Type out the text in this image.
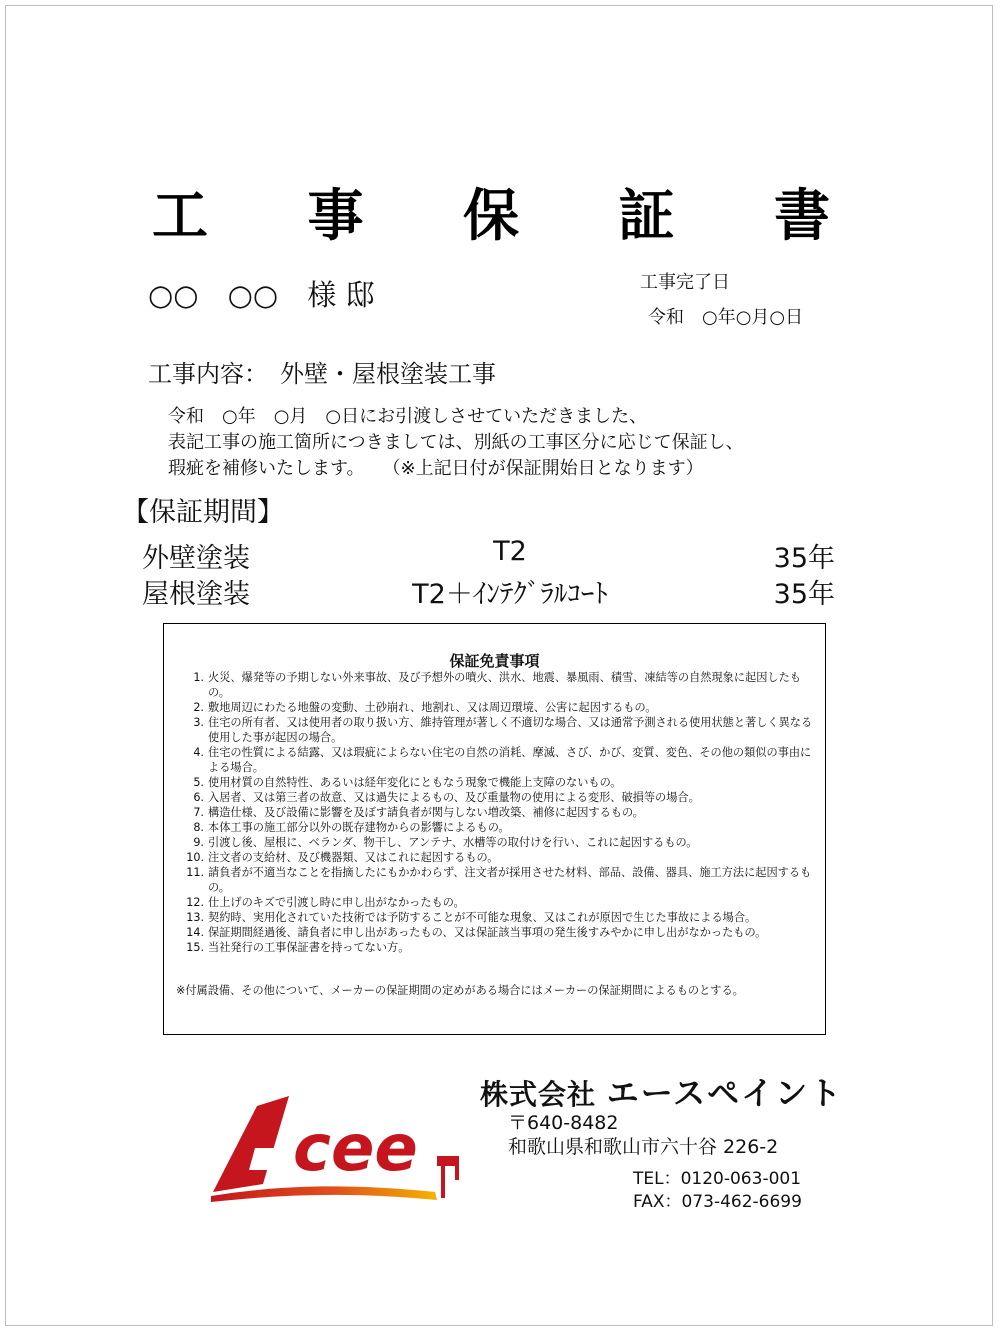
工 事 保 証 書
○○　○○　様 邸	工事完了日
令和　○年○月○日
工事内容：　外壁・屋根塗装工事
令和　○年　○月　○日にお引渡しさせていただきました、
表記工事の施工箇所につきましては、別紙の工事区分に応じて保証し、
瑕疵を補修いたします。　　（※上記日付が保証開始日となります）
【保証期間】
外壁塗装	T2	35年
屋根塗装	T2＋ｲﾝﾃｸﾞﾗﾙｺｰﾄ	35年
保証免責事項
1. 火災、爆発等の予期しない外来事故、及び予想外の噴火、洪水、地震、暴風雨、積雪、凍結等の自然現象に起因したもの。
2. 敷地周辺にわたる地盤の変動、土砂崩れ、地割れ、又は周辺環境、公害に起因するもの。
3. 住宅の所有者、又は使用者の取り扱い方、維持管理が著しく不適切な場合、又は通常予測される使用状態と著しく異なる使用した事が起因の場合。
4. 住宅の性質による結露、又は瑕疵によらない住宅の自然の消耗、摩滅、さび、かび、変質、変色、その他の類似の事由による場合。
5. 使用材質の自然特性、あるいは経年変化にともなう現象で機能上支障のないもの。
6. 入居者、又は第三者の故意、又は過失によるもの、及び重量物の使用による変形、破損等の場合。
7. 構造仕様、及び設備に影響を及ぼす請負者が関与しない増改築、補修に起因するもの。
8. 本体工事の施工部分以外の既存建物からの影響によるもの。
9. 引渡し後、屋根に、ベランダ、物干し、アンテナ、水槽等の取付けを行い、これに起因するもの。
10. 注文者の支給材、及び機器類、又はこれに起因するもの。
11. 請負者が不適当なことを指摘したにもかかわらず、注文者が採用させた材料、部品、設備、器具、施工方法に起因するもの。
12. 仕上げのキズで引渡し時に申し出がなかったもの。
13. 契約時、実用化されていた技術では予防することが不可能な現象、又はこれが原因で生じた事故による場合。
14. 保証期間経過後、請負者に申し出があったもの、又は保証該当事項の発生後すみやかに申し出がなかったもの。
15. 当社発行の工事保証書を持ってない方。
※付属設備、その他について、メーカーの保証期間の定めがある場合にはメーカーの保証期間によるものとする。
cee
株式会社 エースペイント
〒640-8482
和歌山県和歌山市六十谷 226-2
TEL：0120-063-001
FAX：073-462-6699
